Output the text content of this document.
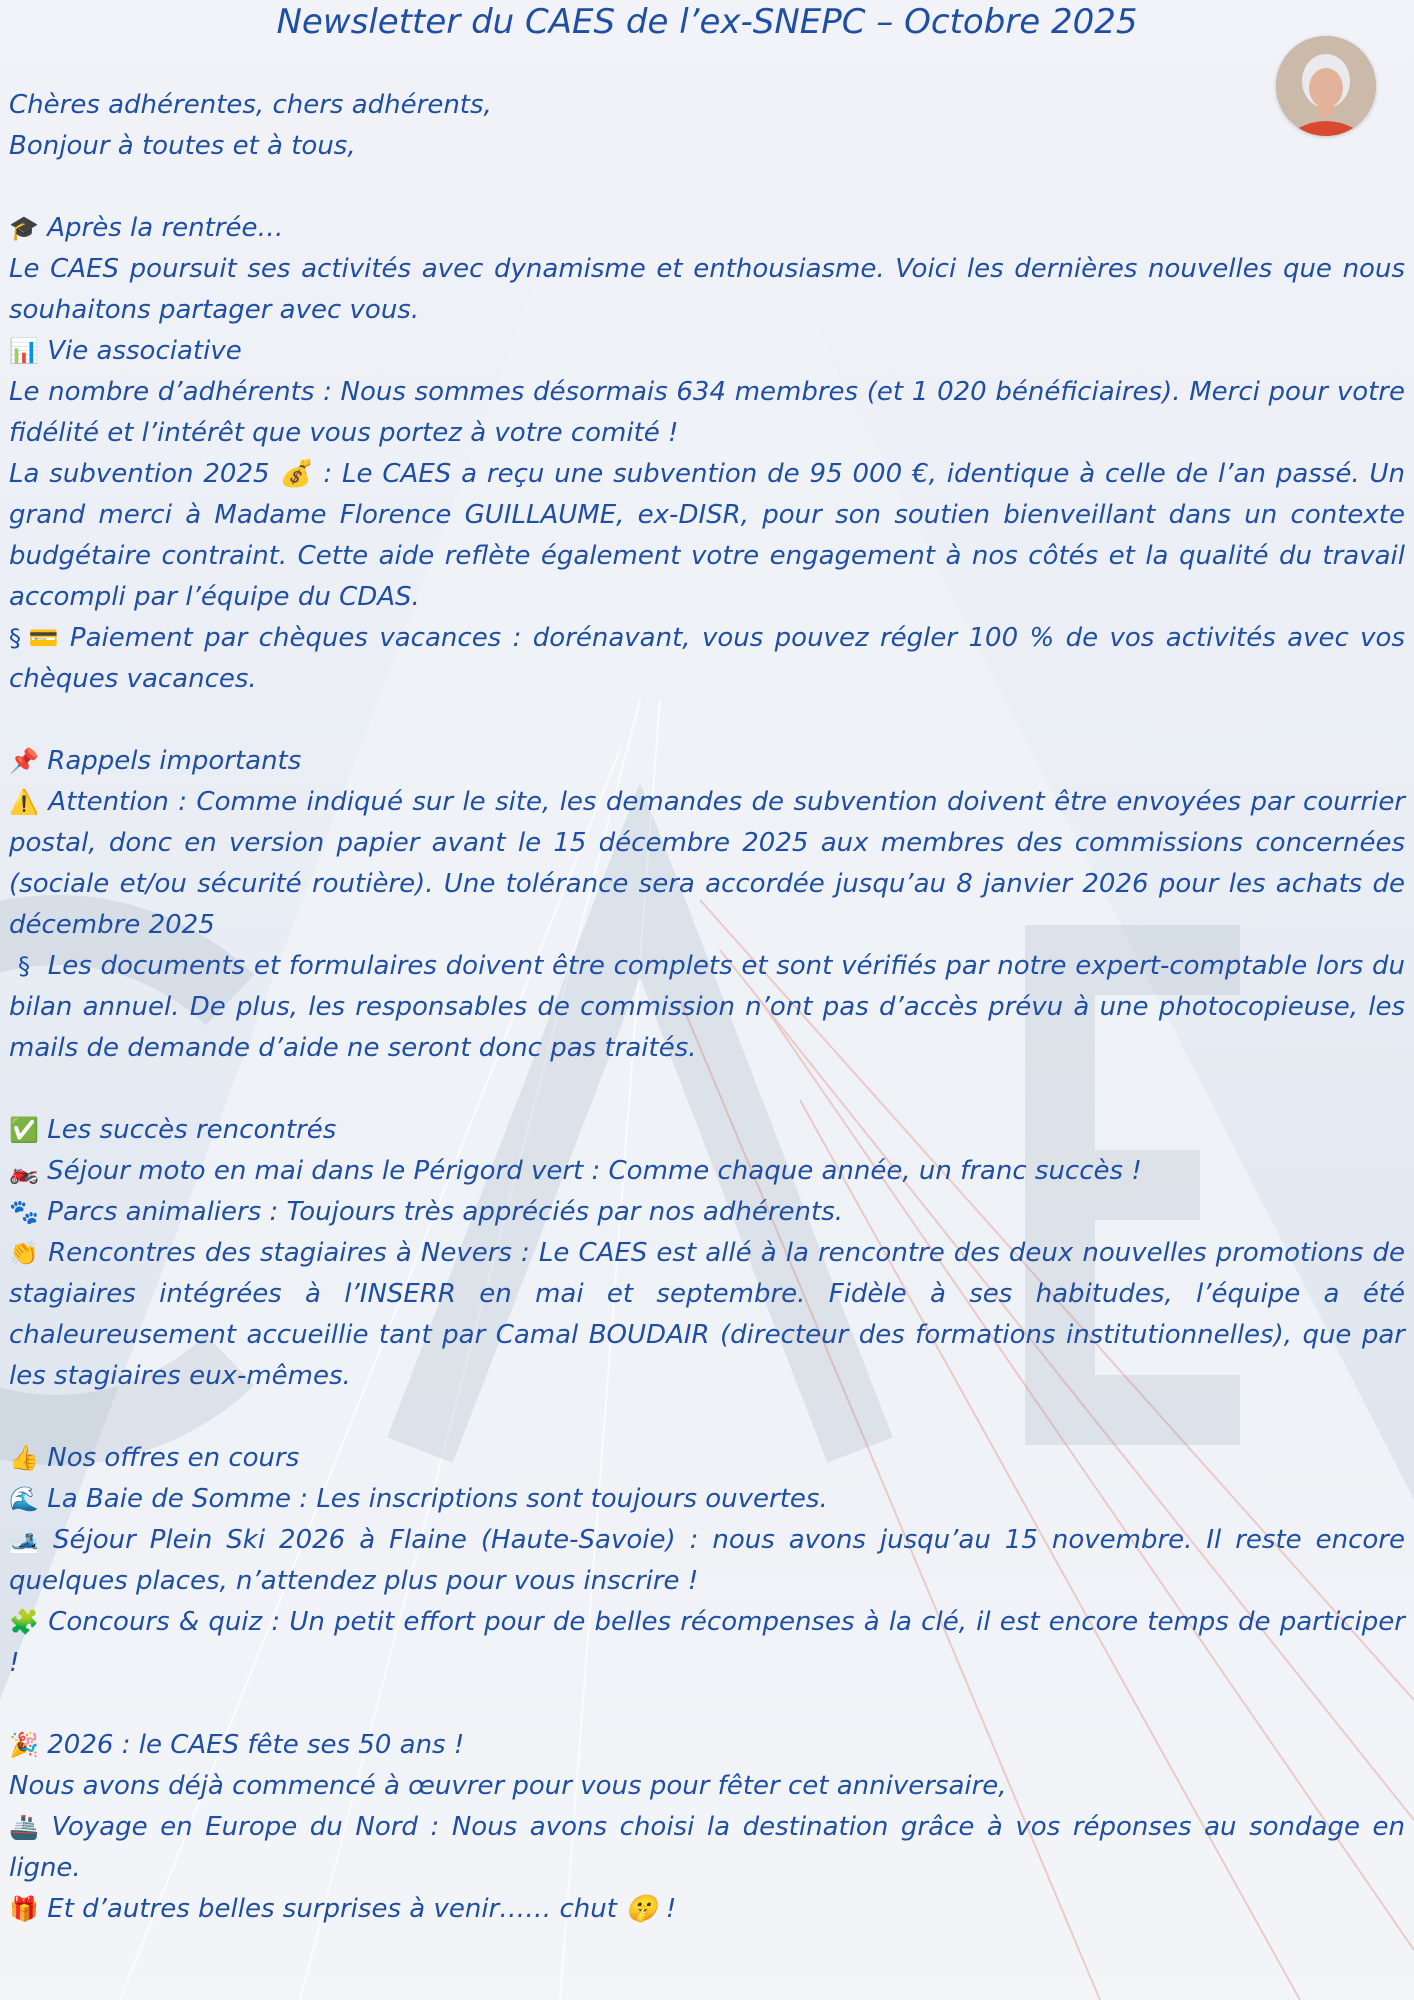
Newsletter du CAES de l’ex-SNEPC – Octobre 2025

Chères adhérentes, chers adhérents,

Bonjour à toutes et à tous,

🎓 Après la rentrée…

Le CAES poursuit ses activités avec dynamisme et enthousiasme. Voici les dernières nouvelles que nous souhaitons partager avec vous.

📊 Vie associative

Le nombre d’adhérents : Nous sommes désormais 634 membres (et 1 020 bénéficiaires). Merci pour votre fidélité et l’intérêt que vous portez à votre comité !

La subvention 2025 💰 : Le CAES a reçu une subvention de 95 000 €, identique à celle de l’an passé. Un grand merci à Madame Florence GUILLAUME, ex-DISR, pour son soutien bienveillant dans un contexte budgétaire contraint. Cette aide reflète également votre engagement à nos côtés et la qualité du travail accompli par l’équipe du CDAS.

§ 💳 Paiement par chèques vacances : dorénavant, vous pouvez régler 100 % de vos activités avec vos chèques vacances.

📌 Rappels importants

⚠️ Attention : Comme indiqué sur le site, les demandes de subvention doivent être envoyées par courrier postal, donc en version papier avant le 15 décembre 2025 aux membres des commissions concernées (sociale et/ou sécurité routière). Une tolérance sera accordée jusqu’au 8 janvier 2026 pour les achats de décembre 2025

§ Les documents et formulaires doivent être complets et sont vérifiés par notre expert-comptable lors du bilan annuel. De plus, les responsables de commission n’ont pas d’accès prévu à une photocopieuse, les mails de demande d’aide ne seront donc pas traités.

✅ Les succès rencontrés

🏍️ Séjour moto en mai dans le Périgord vert : Comme chaque année, un franc succès !

🐾 Parcs animaliers : Toujours très appréciés par nos adhérents.

👏 Rencontres des stagiaires à Nevers : Le CAES est allé à la rencontre des deux nouvelles promotions de stagiaires intégrées à l’INSERR en mai et septembre. Fidèle à ses habitudes, l’équipe a été chaleureusement accueillie tant par Camal BOUDAIR (directeur des formations institutionnelles), que par les stagiaires eux-mêmes.

👍 Nos offres en cours

🌊 La Baie de Somme : Les inscriptions sont toujours ouvertes.

🎿 Séjour Plein Ski 2026 à Flaine (Haute-Savoie) : nous avons jusqu’au 15 novembre. Il reste encore quelques places, n’attendez plus pour vous inscrire !

🧩 Concours & quiz : Un petit effort pour de belles récompenses à la clé, il est encore temps de participer !

🎉 2026 : le CAES fête ses 50 ans !

Nous avons déjà commencé à œuvrer pour vous pour fêter cet anniversaire,

🚢 Voyage en Europe du Nord : Nous avons choisi la destination grâce à vos réponses au sondage en ligne.

🎁 Et d’autres belles surprises à venir…… chut 🤫 !
